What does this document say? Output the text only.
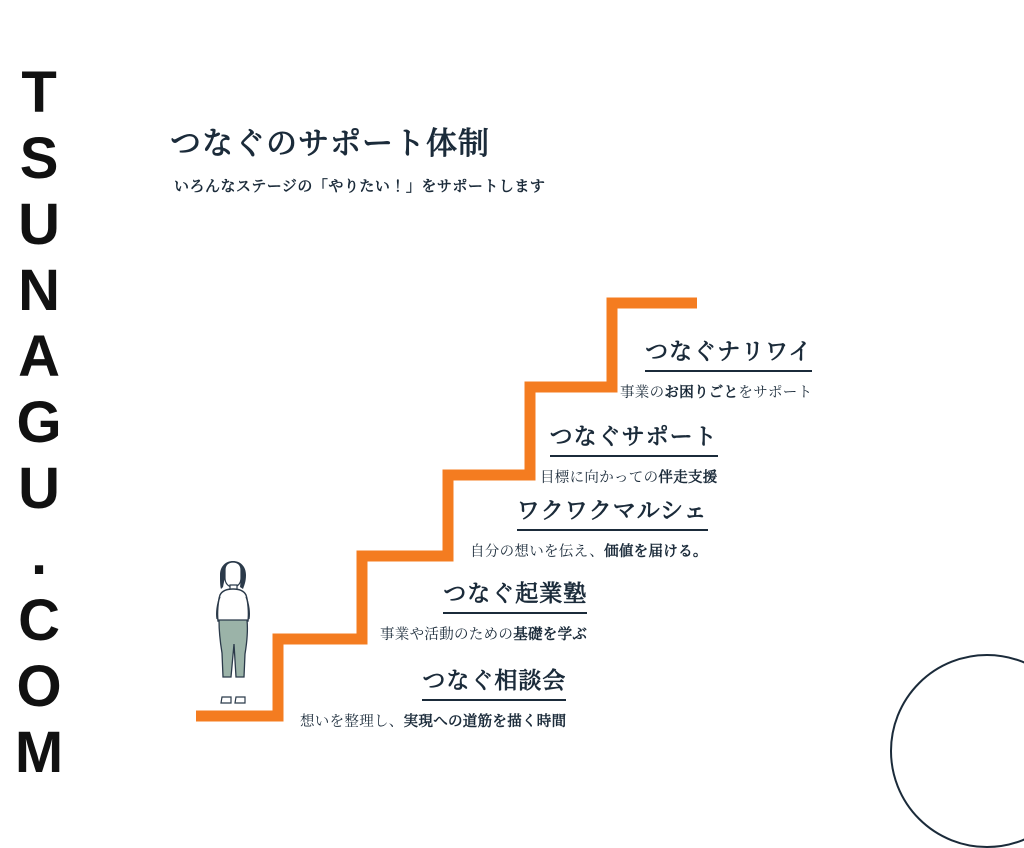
TSUNAGU.COM	つなぐのサポート体制
いろんなステージの「やりたい！」をサポートします
つなぐ相談会
想いを整理し、実現への道筋を描く時間
つなぐ起業塾
事業や活動のための基礎を学ぶ
ワクワクマルシェ
自分の想いを伝え、価値を届ける。
つなぐサポート
目標に向かっての伴走支援
つなぐナリワイ
事業のお困りごとをサポート
